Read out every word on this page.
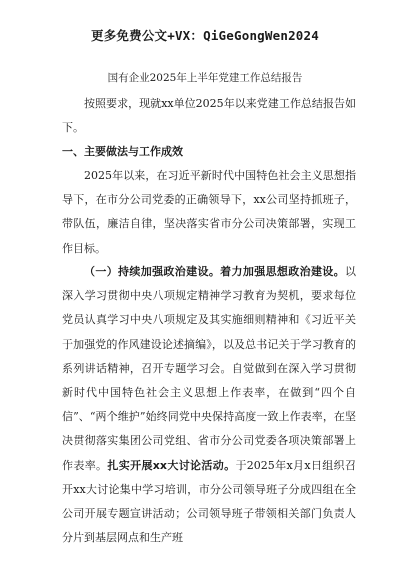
更多免费公文+VX：QiGeGongWen2024
国有企业2025年上半年党建工作总结报告
按照要求，现就xx单位2025年以来党建工作总结报告如下。
一、主要做法与工作成效
2025年以来，在习近平新时代中国特色社会主义思想指导下，在市分公司党委的正确领导下，xx公司坚持抓班子，带队伍，廉洁自律，坚决落实省市分公司决策部署，实现工作目标。
（一）持续加强政治建设。着力加强思想政治建设。以深入学习贯彻中央八项规定精神学习教育为契机，要求每位党员认真学习中央八项规定及其实施细则精神和《习近平关于加强党的作风建设论述摘编》，以及总书记关于学习教育的系列讲话精神，召开专题学习会。自觉做到在深入学习贯彻新时代中国特色社会主义思想上作表率，在做到“四个自信”、“两个维护”始终同党中央保持高度一致上作表率，在坚决贯彻落实集团公司党组、省市分公司党委各项决策部署上作表率。扎实开展xx大讨论活动。于2025年x月x日组织召开xx大讨论集中学习培训，市分公司领导班子分成四组在全公司开展专题宣讲活动；公司领导班子带领相关部门负责人分片到基层网点和生产班
